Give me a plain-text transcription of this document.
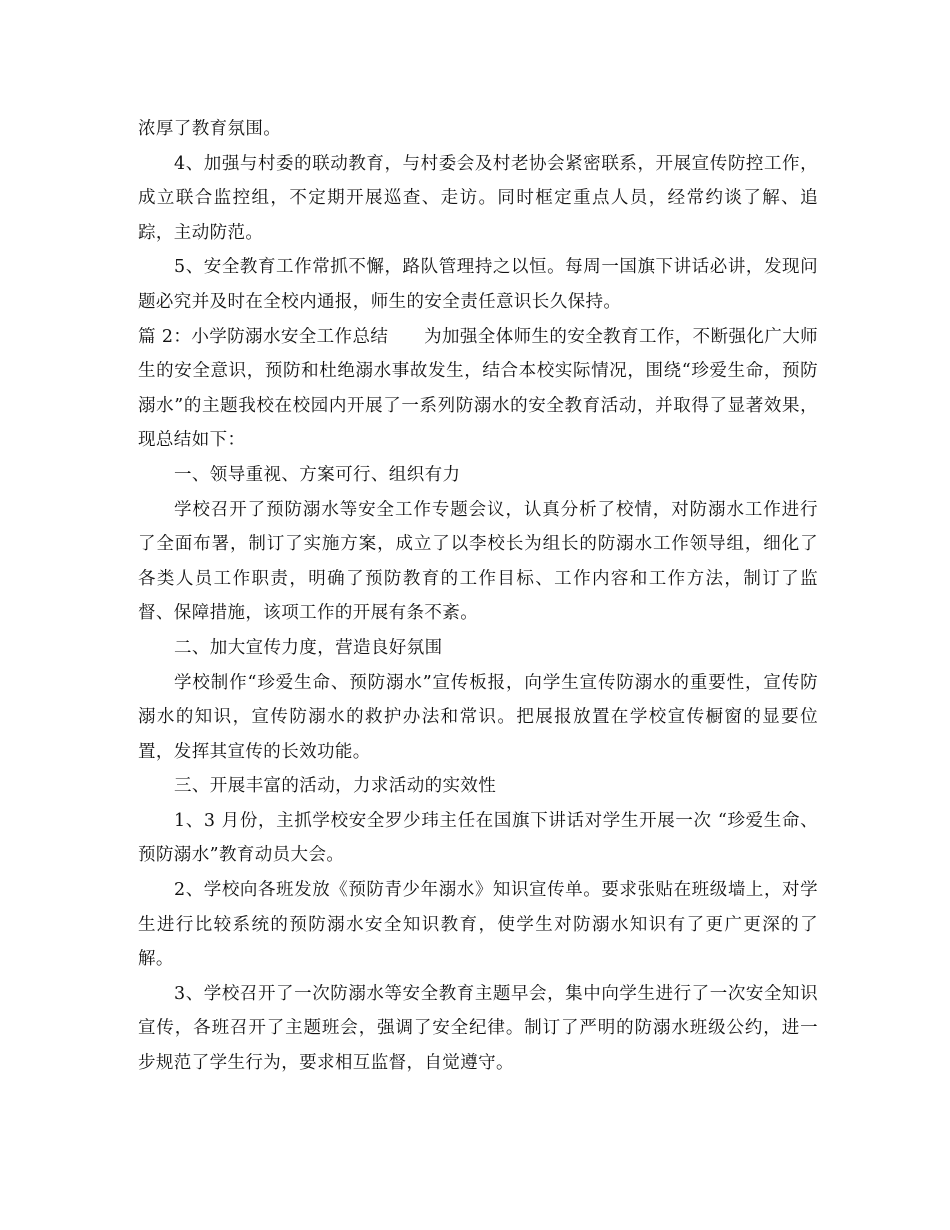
浓厚了教育氛围。

4、加强与村委的联动教育，与村委会及村老协会紧密联系，开展宣传防控工作，成立联合监控组，不定期开展巡查、走访。同时框定重点人员，经常约谈了解、追踪，主动防范。

5、安全教育工作常抓不懈，路队管理持之以恒。每周一国旗下讲话必讲，发现问题必究并及时在全校内通报，师生的安全责任意识长久保持。

篇 2：小学防溺水安全工作总结　　为加强全体师生的安全教育工作，不断强化广大师生的安全意识，预防和杜绝溺水事故发生，结合本校实际情况，围绕“珍爱生命，预防溺水”的主题我校在校园内开展了一系列防溺水的安全教育活动，并取得了显著效果，现总结如下：

一、领导重视、方案可行、组织有力

学校召开了预防溺水等安全工作专题会议，认真分析了校情，对防溺水工作进行了全面布署，制订了实施方案，成立了以李校长为组长的防溺水工作领导组，细化了各类人员工作职责，明确了预防教育的工作目标、工作内容和工作方法，制订了监督、保障措施，该项工作的开展有条不紊。

二、加大宣传力度，营造良好氛围

学校制作“珍爱生命、预防溺水”宣传板报，向学生宣传防溺水的重要性，宣传防溺水的知识，宣传防溺水的救护办法和常识。把展报放置在学校宣传橱窗的显要位置，发挥其宣传的长效功能。

三、开展丰富的活动，力求活动的实效性

1、3 月份，主抓学校安全罗少玮主任在国旗下讲话对学生开展一次 “珍爱生命、预防溺水”教育动员大会。

2、学校向各班发放《预防青少年溺水》知识宣传单。要求张贴在班级墙上，对学生进行比较系统的预防溺水安全知识教育，使学生对防溺水知识有了更广更深的了解。

3、学校召开了一次防溺水等安全教育主题早会，集中向学生进行了一次安全知识宣传，各班召开了主题班会，强调了安全纪律。制订了严明的防溺水班级公约，进一步规范了学生行为，要求相互监督，自觉遵守。
